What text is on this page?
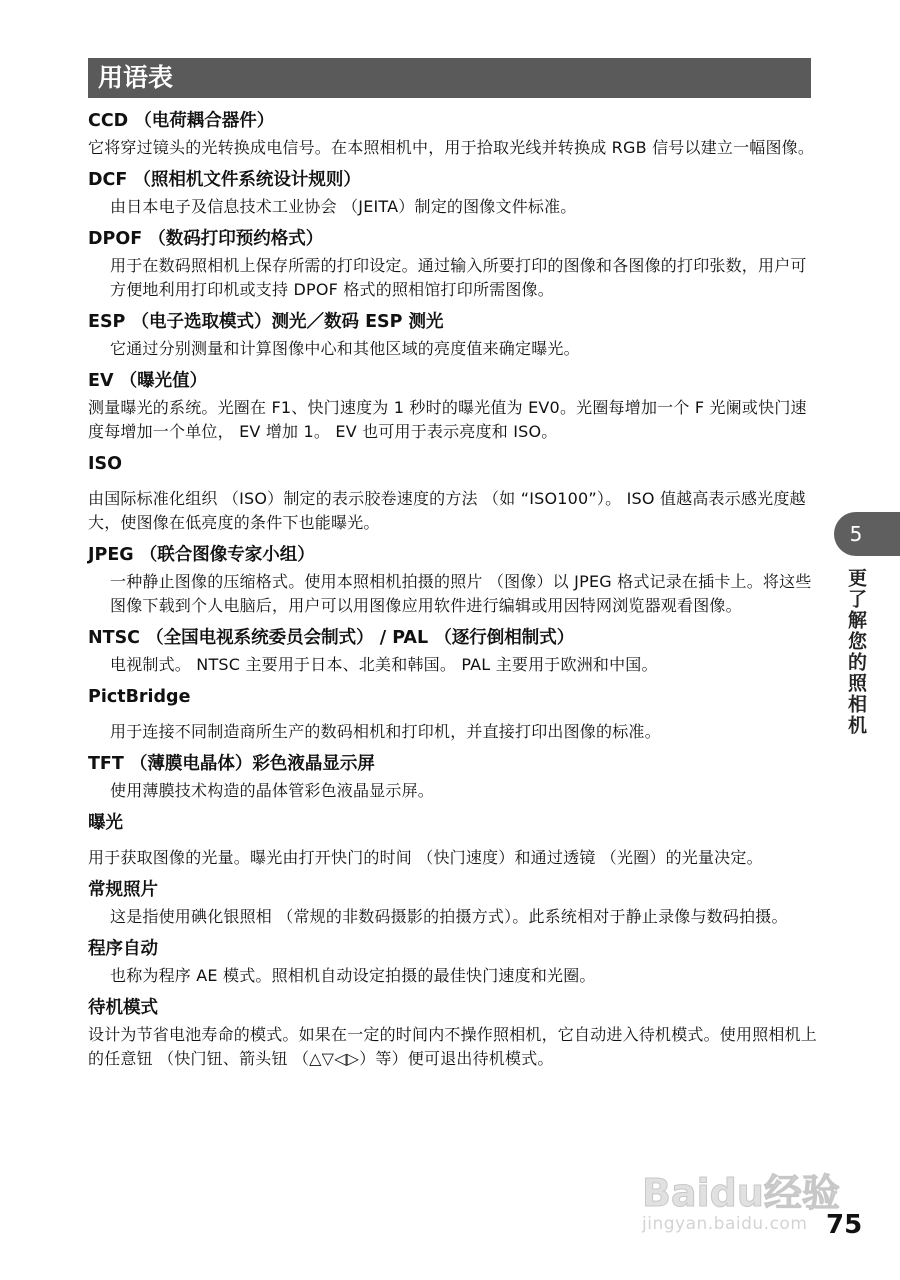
用语表

CCD （电荷耦合器件）

它将穿过镜头的光转换成电信号。在本照相机中，用于拾取光线并转换成 RGB 信号以建立一幅图像。

DCF （照相机文件系统设计规则）

由日本电子及信息技术工业协会 （JEITA）制定的图像文件标准。

DPOF （数码打印预约格式）

用于在数码照相机上保存所需的打印设定。通过输入所要打印的图像和各图像的打印张数，用户可方便地利用打印机或支持 DPOF 格式的照相馆打印所需图像。

ESP （电子选取模式）测光／数码 ESP 测光

它通过分别测量和计算图像中心和其他区域的亮度值来确定曝光。

EV （曝光值）

测量曝光的系统。光圈在 F1、快门速度为 1 秒时的曝光值为 EV0。光圈每增加一个 F 光阑或快门速度每增加一个单位， EV 增加 1。 EV 也可用于表示亮度和 ISO。

ISO

由国际标准化组织 （ISO）制定的表示胶卷速度的方法 （如 “ISO100”）。 ISO 值越高表示感光度越大，使图像在低亮度的条件下也能曝光。

JPEG （联合图像专家小组）

一种静止图像的压缩格式。使用本照相机拍摄的照片 （图像）以 JPEG 格式记录在插卡上。将这些图像下载到个人电脑后，用户可以用图像应用软件进行编辑或用因特网浏览器观看图像。

NTSC （全国电视系统委员会制式） / PAL （逐行倒相制式）

电视制式。 NTSC 主要用于日本、北美和韩国。 PAL 主要用于欧洲和中国。

PictBridge

用于连接不同制造商所生产的数码相机和打印机，并直接打印出图像的标准。

TFT （薄膜电晶体）彩色液晶显示屏

使用薄膜技术构造的晶体管彩色液晶显示屏。

曝光

用于获取图像的光量。曝光由打开快门的时间 （快门速度）和通过透镜 （光圈）的光量决定。

常规照片

这是指使用碘化银照相 （常规的非数码摄影的拍摄方式）。此系统相对于静止录像与数码拍摄。

程序自动

也称为程序 AE 模式。照相机自动设定拍摄的最佳快门速度和光圈。

待机模式

设计为节省电池寿命的模式。如果在一定的时间内不操作照相机，它自动进入待机模式。使用照相机上的任意钮 （快门钮、箭头钮 （△▽◁▷）等）便可退出待机模式。

5
更了解您的照相机
Baidu经验
jingyan.baidu.com 75
